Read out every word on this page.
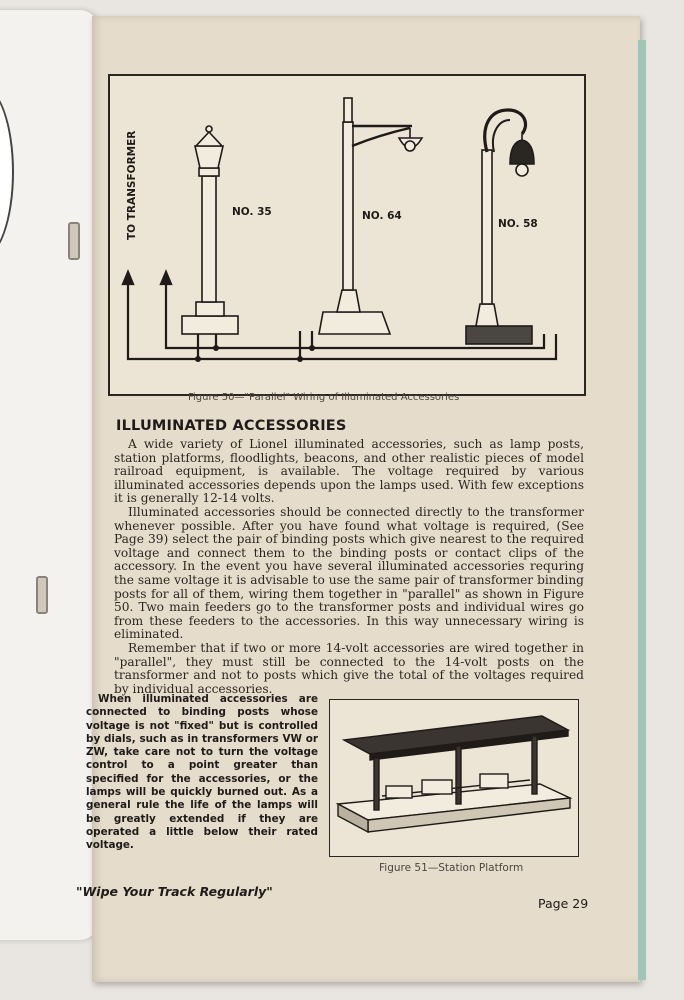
TO TRANSFORMER	NO. 35	NO. 64
NO. 58
Figure 50—"Parallel" Wiring of Illuminated Accessories
ILLUMINATED ACCESSORIES

A wide variety of Lionel illuminated accessories, such as lamp posts, station platforms, floodlights, beacons, and other realistic pieces of model railroad equipment, is available. The voltage required by various illuminated accessories depends upon the lamps used. With few exceptions it is generally 12-14 volts.

Illuminated accessories should be connected directly to the transformer whenever possible. After you have found what voltage is required, (See Page 39) select the pair of binding posts which give nearest to the required voltage and connect them to the binding posts or contact clips of the accessory. In the event you have several illuminated accessories requring the same voltage it is advisable to use the same pair of transformer binding posts for all of them, wiring them together in "parallel" as shown in Figure 50. Two main feeders go to the transformer posts and individual wires go from these feeders to the accessories. In this way unnecessary wiring is eliminated.

Remember that if two or more 14-volt accessories are wired together in "parallel", they must still be connected to the 14-volt posts on the transformer and not to posts which give the total of the voltages required by individual accessories.

When illuminated accessories are connected to binding posts whose voltage is not "fixed" but is controlled by dials, such as in transformers VW or ZW, take care not to turn the voltage control to a point greater than specified for the accessories, or the lamps will be quickly burned out. As a general rule the life of the lamps will be greatly extended if they are operated a little below their rated voltage.
Figure 51—Station Platform
"Wipe Your Track Regularly"
Page 29
